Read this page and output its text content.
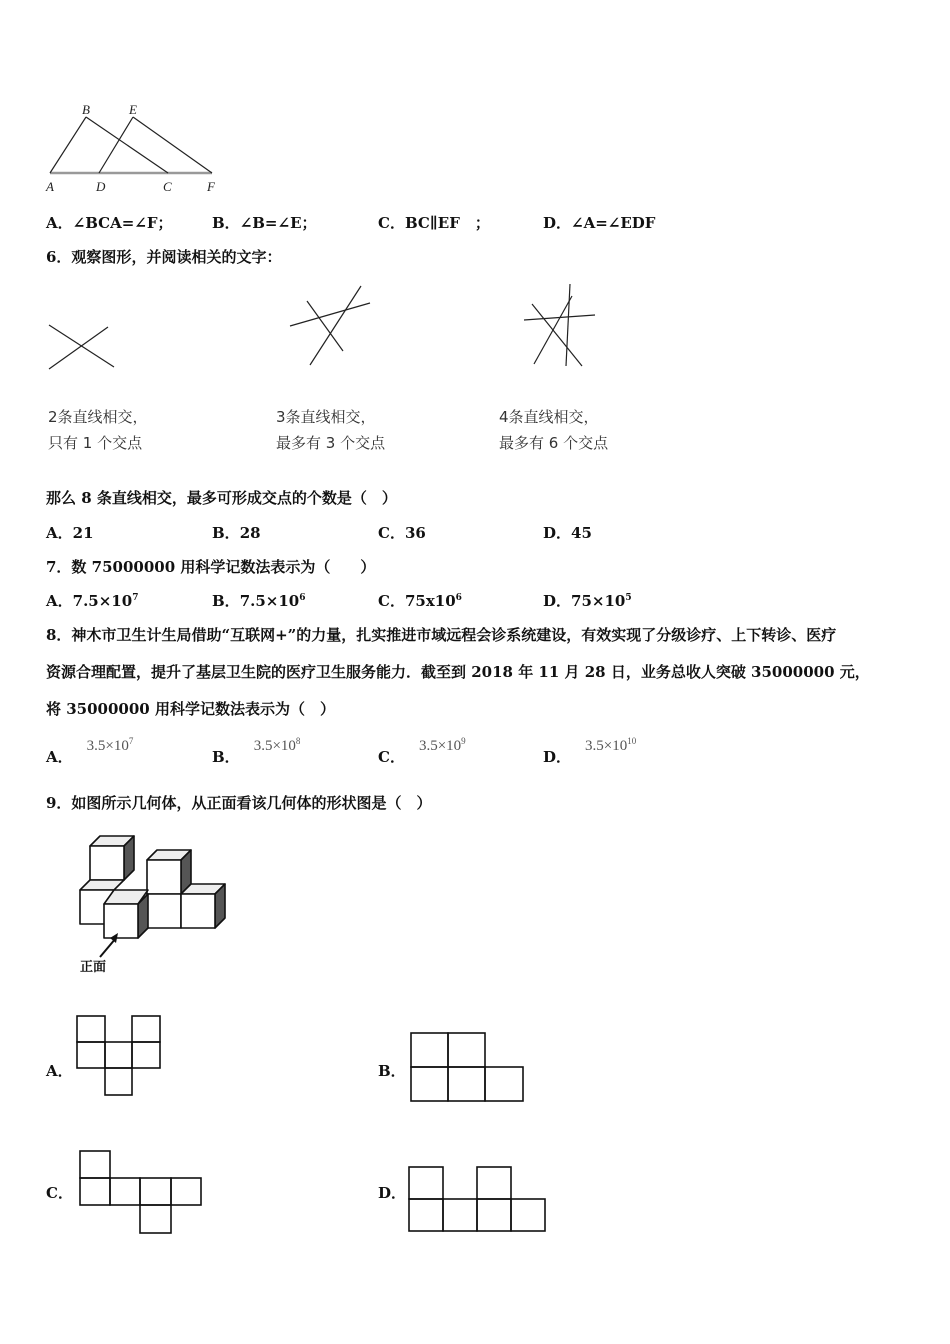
B	E
A	D	C	F
A．∠BCA=∠F；	B．∠B=∠E；	C．BC∥EF　；	D．∠A=∠EDF
6．观察图形，并阅读相关的文字：
2条直线相交，
只有 1 个交点
3条直线相交，
最多有 3 个交点
4条直线相交，
最多有 6 个交点
那么 8 条直线相交，最多可形成交点的个数是（　）
A．21	B．28	C．36	D．45
7．数 75000000 用科学记数法表示为（　　）
A．$7.5\times 10^7$	B．$7.5\times 10^6$	C．$75x10^6$	D．$75\times 10^5$
8．神木市卫生计生局借助“互联网+”的力量，扎实推进市域远程会诊系统建设，有效实现了分级诊疗、上下转诊、医疗
资源合理配置，提升了基层卫生院的医疗卫生服务能力．截至到 2018 年 11 月 28 日，业务总收人突破 35000000 元，
将 35000000 用科学记数法表示为（　）
A．$3.5\times 10^7$
B．$3.5\times 10^8$
C．$3.5\times 10^9$
D．$3.5\times 10^{10}$
9．如图所示几何体，从正面看该几何体的形状图是（　）
正面
A．	B．
C．	D．
